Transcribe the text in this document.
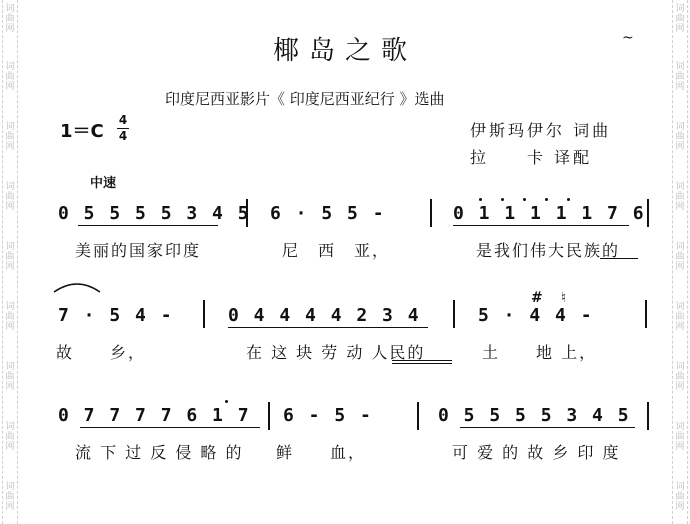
词
曲
网
词
曲
网
词
曲
网
词
曲
网
词
曲
网
词
曲
网
词
曲
网
词
曲
网
词
曲
网
词
曲
网
词
曲
网
词
曲
网
词
曲
网
词
曲
网
词
曲
网
词
曲
网
词
曲
网
词
曲
网
椰岛之歌	~
印度尼西亚影片《 印度尼西亚纪行 》选曲
1＝C
4
4	伊斯玛伊尔 词曲
拉　　卡 译配
中速
0 5 5 5 5 3 4 5 6 · 5 5 -	0 1 1 1 1 1 7 6
美丽的国家印度	尼　西　亚，	是我们伟大民族的
7 · 5 4 -	0 4 4 4 4 2 3 4	5 · 4 4 -
# ♮
故　　乡，	在 这 块 劳 动 人民的	土　　地 上，
0 7 7 7 7 6 1 7 6 - 5 -	0 5 5 5 5 3 4 5
流 下 过 反 侵 略 的 鲜　　血，	可 爱 的 故 乡 印 度
